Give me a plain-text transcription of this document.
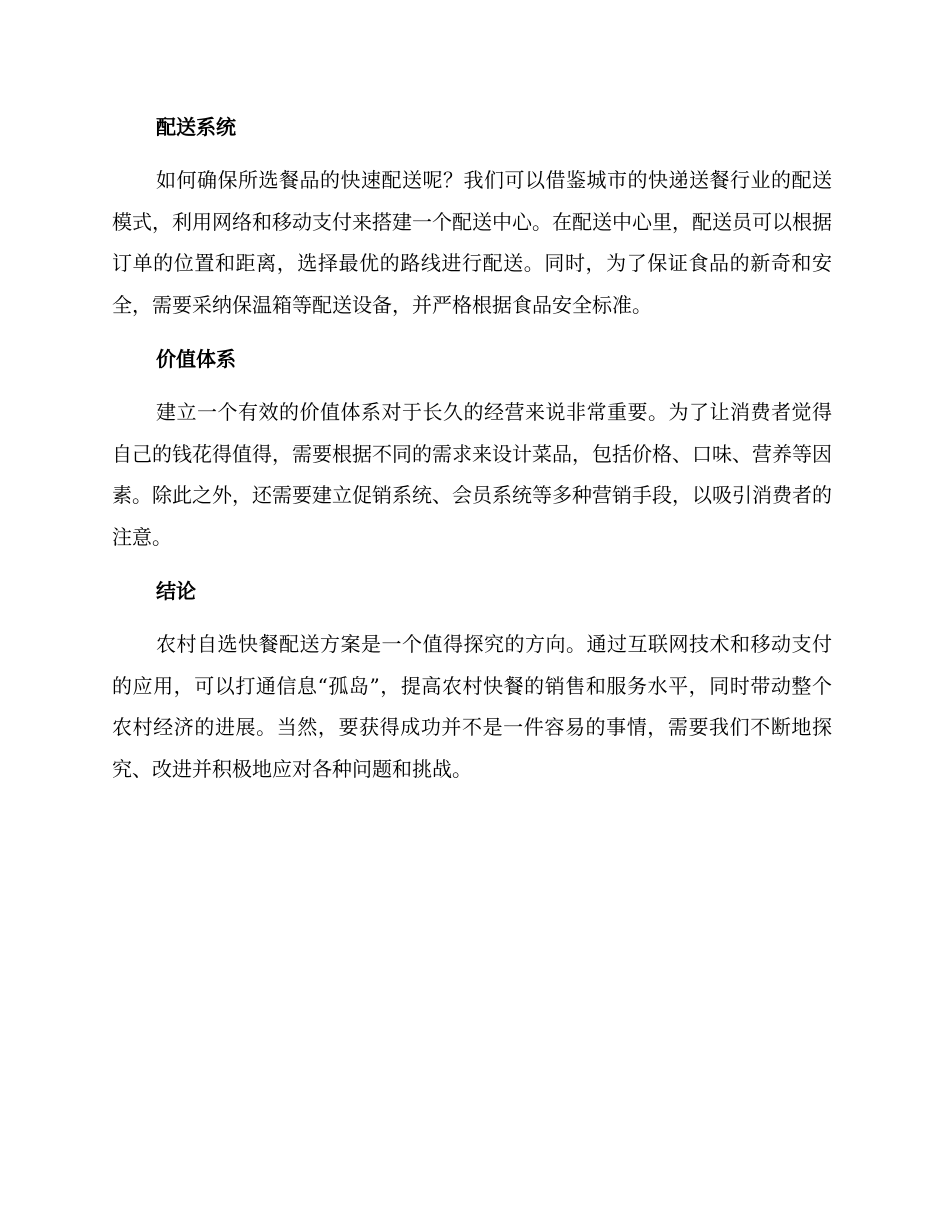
配送系统

如何确保所选餐品的快速配送呢？我们可以借鉴城市的快递送餐行业的配送模式，利用网络和移动支付来搭建一个配送中心。在配送中心里，配送员可以根据订单的位置和距离，选择最优的路线进行配送。同时，为了保证食品的新奇和安全，需要采纳保温箱等配送设备，并严格根据食品安全标准。

价值体系

建立一个有效的价值体系对于长久的经营来说非常重要。为了让消费者觉得自己的钱花得值得，需要根据不同的需求来设计菜品，包括价格、口味、营养等因素。除此之外，还需要建立促销系统、会员系统等多种营销手段，以吸引消费者的注意。

结论

农村自选快餐配送方案是一个值得探究的方向。通过互联网技术和移动支付的应用，可以打通信息“孤岛”，提高农村快餐的销售和服务水平，同时带动整个农村经济的进展。当然，要获得成功并不是一件容易的事情，需要我们不断地探究、改进并积极地应对各种问题和挑战。
